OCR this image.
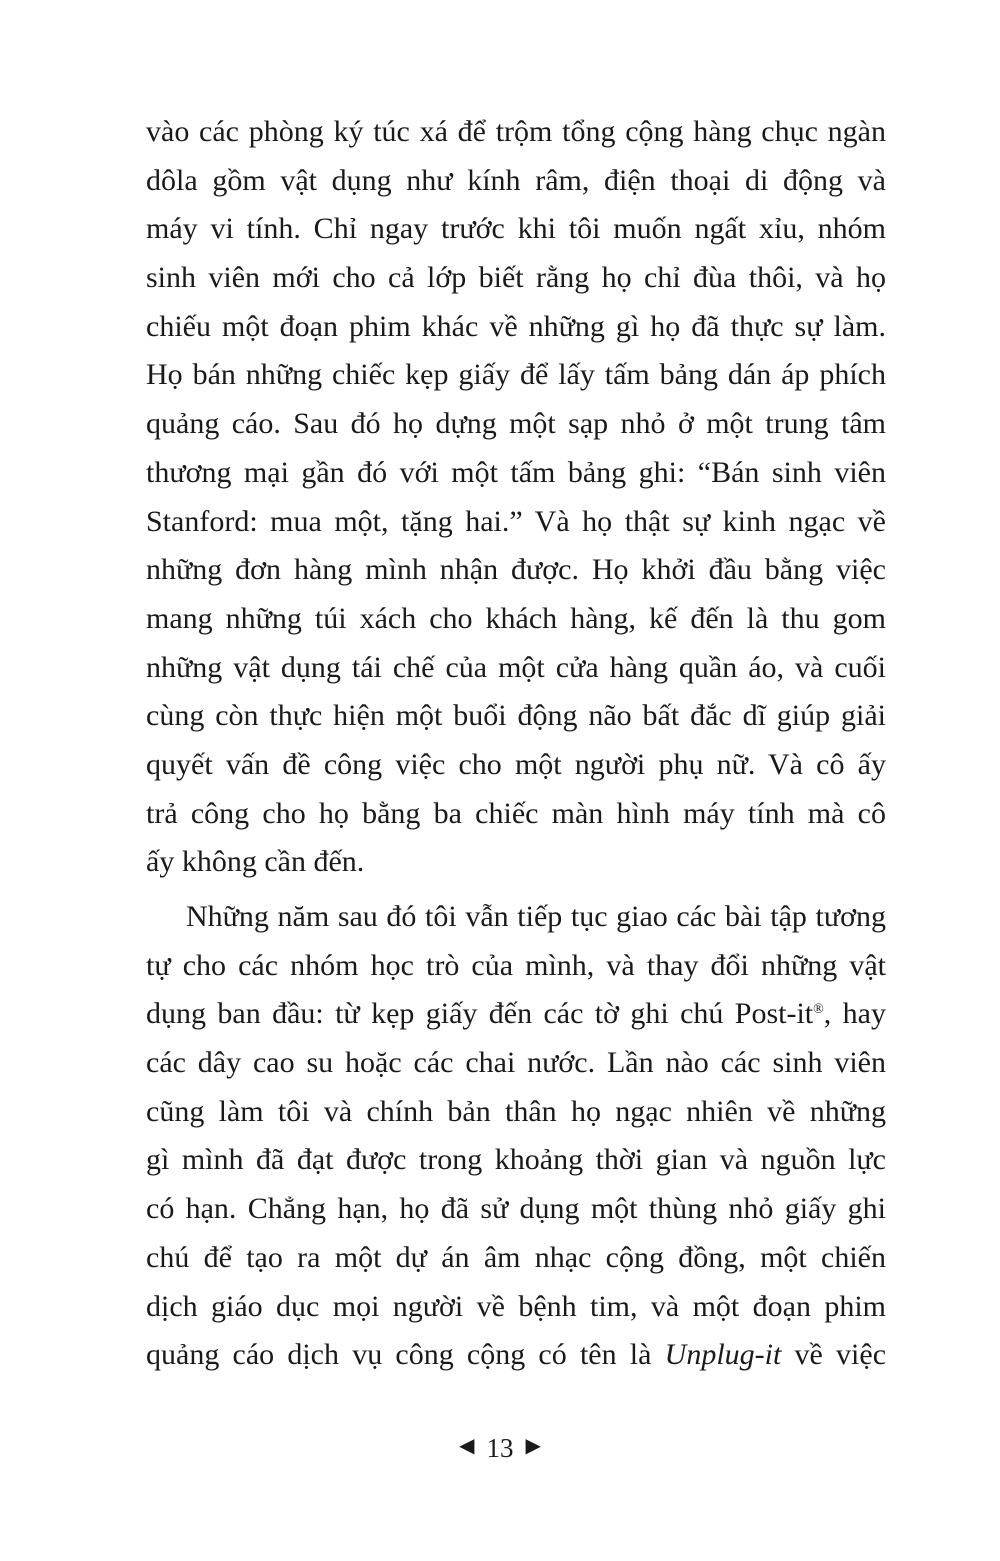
vào các phòng ký túc xá để trộm tổng cộng hàng chục ngàn
dôla gồm vật dụng như kính râm, điện thoại di động và
máy vi tính. Chỉ ngay trước khi tôi muốn ngất xỉu, nhóm
sinh viên mới cho cả lớp biết rằng họ chỉ đùa thôi, và họ
chiếu một đoạn phim khác về những gì họ đã thực sự làm.
Họ bán những chiếc kẹp giấy để lấy tấm bảng dán áp phích
quảng cáo. Sau đó họ dựng một sạp nhỏ ở một trung tâm
thương mại gần đó với một tấm bảng ghi: “Bán sinh viên
Stanford: mua một, tặng hai.” Và họ thật sự kinh ngạc về
những đơn hàng mình nhận được. Họ khởi đầu bằng việc
mang những túi xách cho khách hàng, kế đến là thu gom
những vật dụng tái chế của một cửa hàng quần áo, và cuối
cùng còn thực hiện một buổi động não bất đắc dĩ giúp giải
quyết vấn đề công việc cho một người phụ nữ. Và cô ấy
trả công cho họ bằng ba chiếc màn hình máy tính mà cô
ấy không cần đến.
Những năm sau đó tôi vẫn tiếp tục giao các bài tập tương
tự cho các nhóm học trò của mình, và thay đổi những vật
dụng ban đầu: từ kẹp giấy đến các tờ ghi chú Post-it®, hay
các dây cao su hoặc các chai nước. Lần nào các sinh viên
cũng làm tôi và chính bản thân họ ngạc nhiên về những
gì mình đã đạt được trong khoảng thời gian và nguồn lực
có hạn. Chẳng hạn, họ đã sử dụng một thùng nhỏ giấy ghi
chú để tạo ra một dự án âm nhạc cộng đồng, một chiến
dịch giáo dục mọi người về bệnh tim, và một đoạn phim
quảng cáo dịch vụ công cộng có tên là Unplug-it về việc
◀ 13 ▶
